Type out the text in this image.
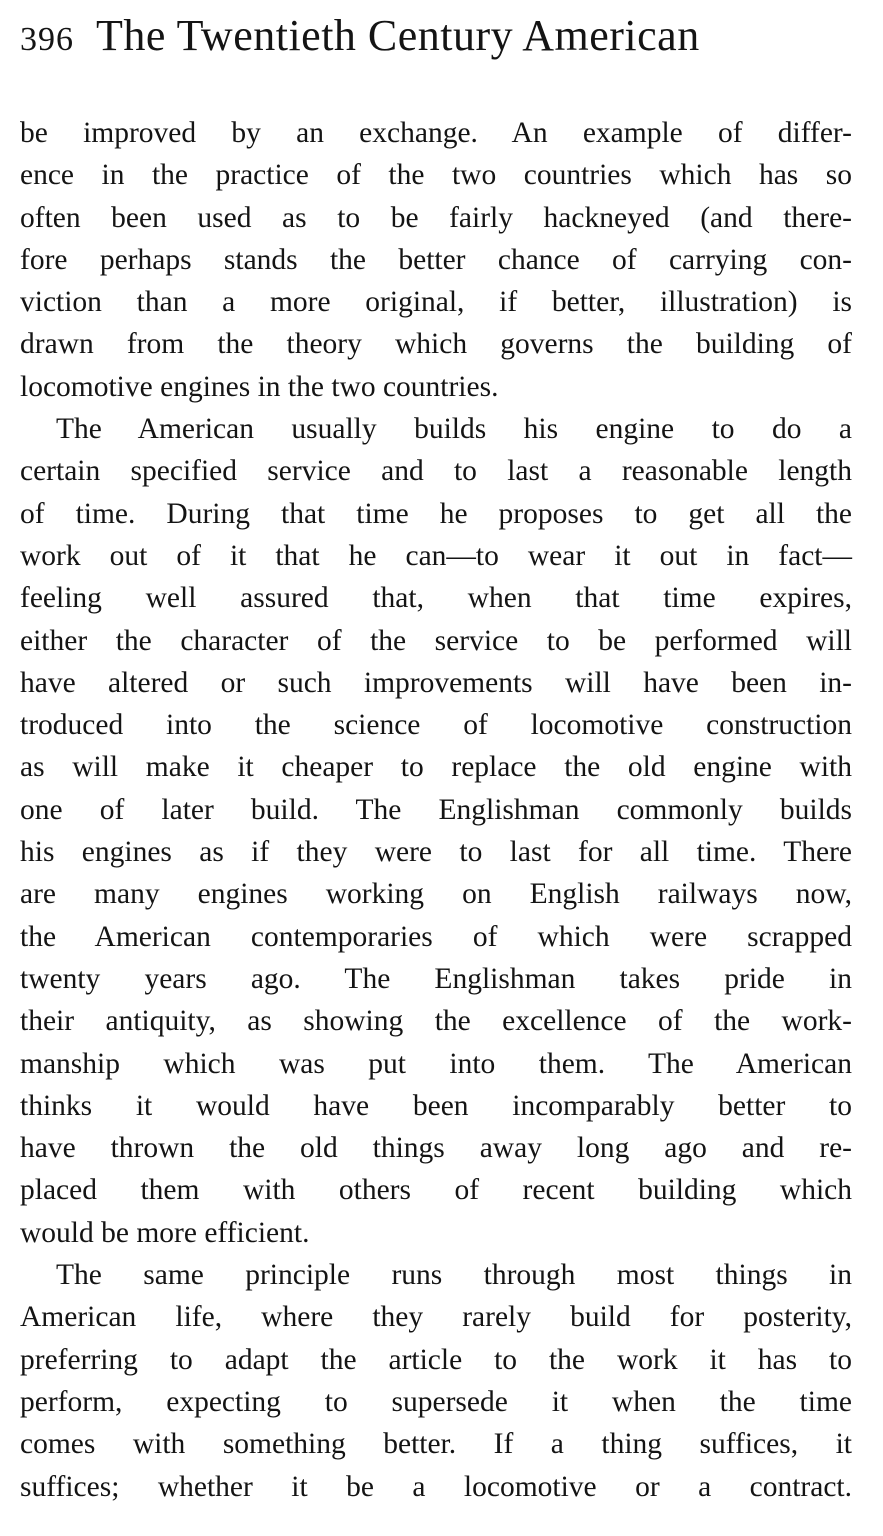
396 The Twentieth Century American
be improved by an exchange. An example of differ-
ence in the practice of the two countries which has so
often been used as to be fairly hackneyed (and there-
fore perhaps stands the better chance of carrying con-
viction than a more original, if better, illustration) is
drawn from the theory which governs the building of
locomotive engines in the two countries.
The American usually builds his engine to do a
certain specified service and to last a reasonable length
of time. During that time he proposes to get all the
work out of it that he can—to wear it out in fact—
feeling well assured that, when that time expires,
either the character of the service to be performed will
have altered or such improvements will have been in-
troduced into the science of locomotive construction
as will make it cheaper to replace the old engine with
one of later build. The Englishman commonly builds
his engines as if they were to last for all time. There
are many engines working on English railways now,
the American contemporaries of which were scrapped
twenty years ago. The Englishman takes pride in
their antiquity, as showing the excellence of the work-
manship which was put into them. The American
thinks it would have been incomparably better to
have thrown the old things away long ago and re-
placed them with others of recent building which
would be more efficient.
The same principle runs through most things in
American life, where they rarely build for posterity,
preferring to adapt the article to the work it has to
perform, expecting to supersede it when the time
comes with something better. If a thing suffices, it
suffices; whether it be a locomotive or a contract.
